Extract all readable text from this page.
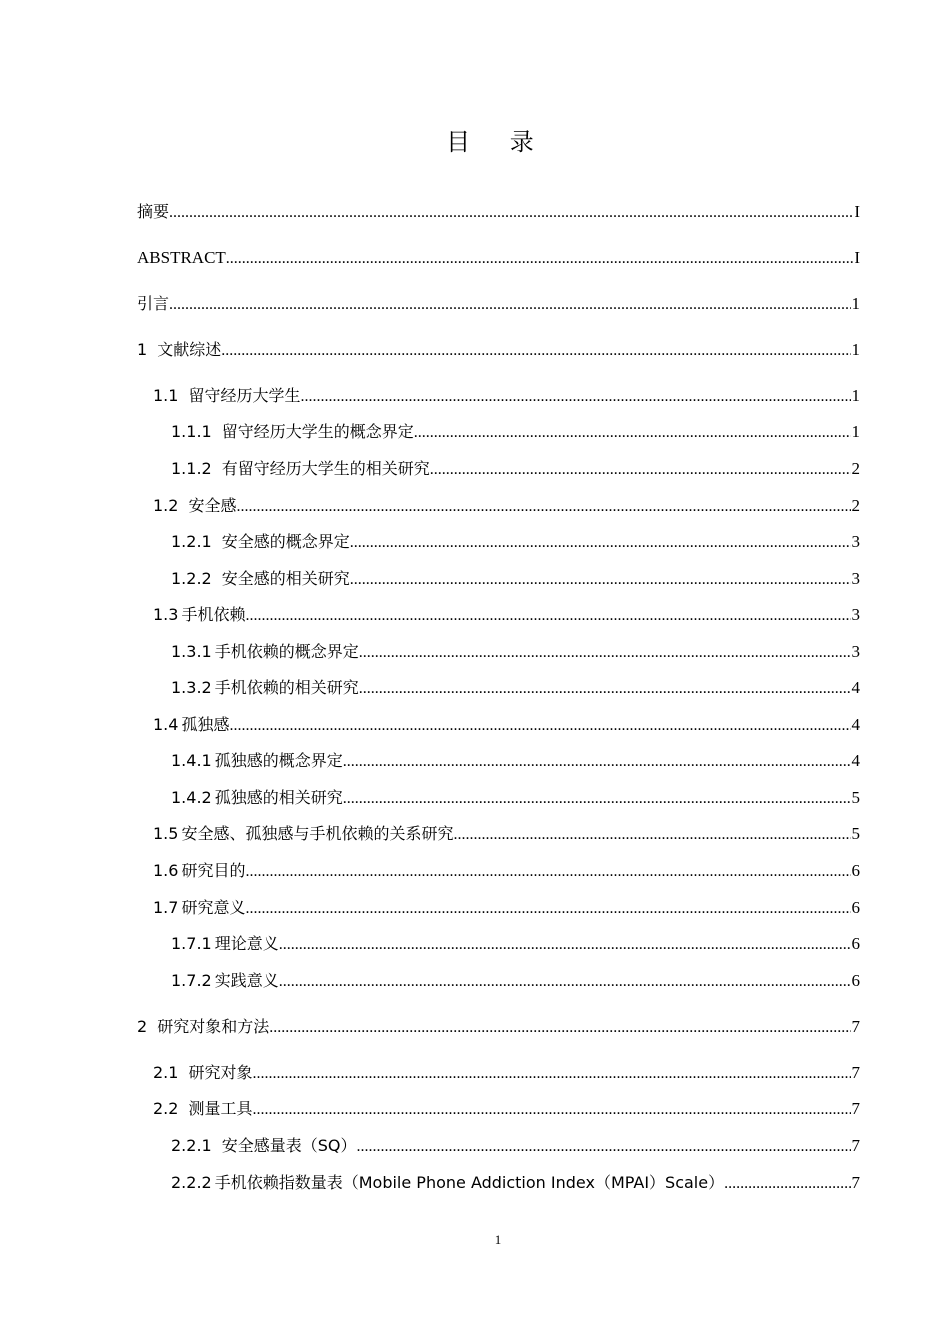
目 录
摘要 .....	I
ABSTRACT .....	I
引言 .....	1
1 文献综述 .....	1
1.1 留守经历大学生 .....	1
1.1.1 留守经历大学生的概念界定 .....	1
1.1.2 有留守经历大学生的相关研究 .....	2
1.2 安全感 .....	2
1.2.1 安全感的概念界定 .....	3
1.2.2 安全感的相关研究 .....	3
1.3 手机依赖 .....	3
1.3.1 手机依赖的概念界定 .....	3
1.3.2 手机依赖的相关研究 .....	4
1.4 孤独感 .....	4
1.4.1 孤独感的概念界定 .....	4
1.4.2 孤独感的相关研究 .....	5
1.5 安全感、孤独感与手机依赖的关系研究 .....	5
1.6 研究目的 .....	6
1.7 研究意义 .....	6
1.7.1 理论意义 .....	6
1.7.2 实践意义 .....	6
2 研究对象和方法 .....	7
2.1 研究对象 .....	7
2.2 测量工具 .....	7
2.2.1 安全感量表（SQ） .....	7
2.2.2 手机依赖指数量表（Mobile Phone Addiction Index（MPAI）Scale） .....	7
1
